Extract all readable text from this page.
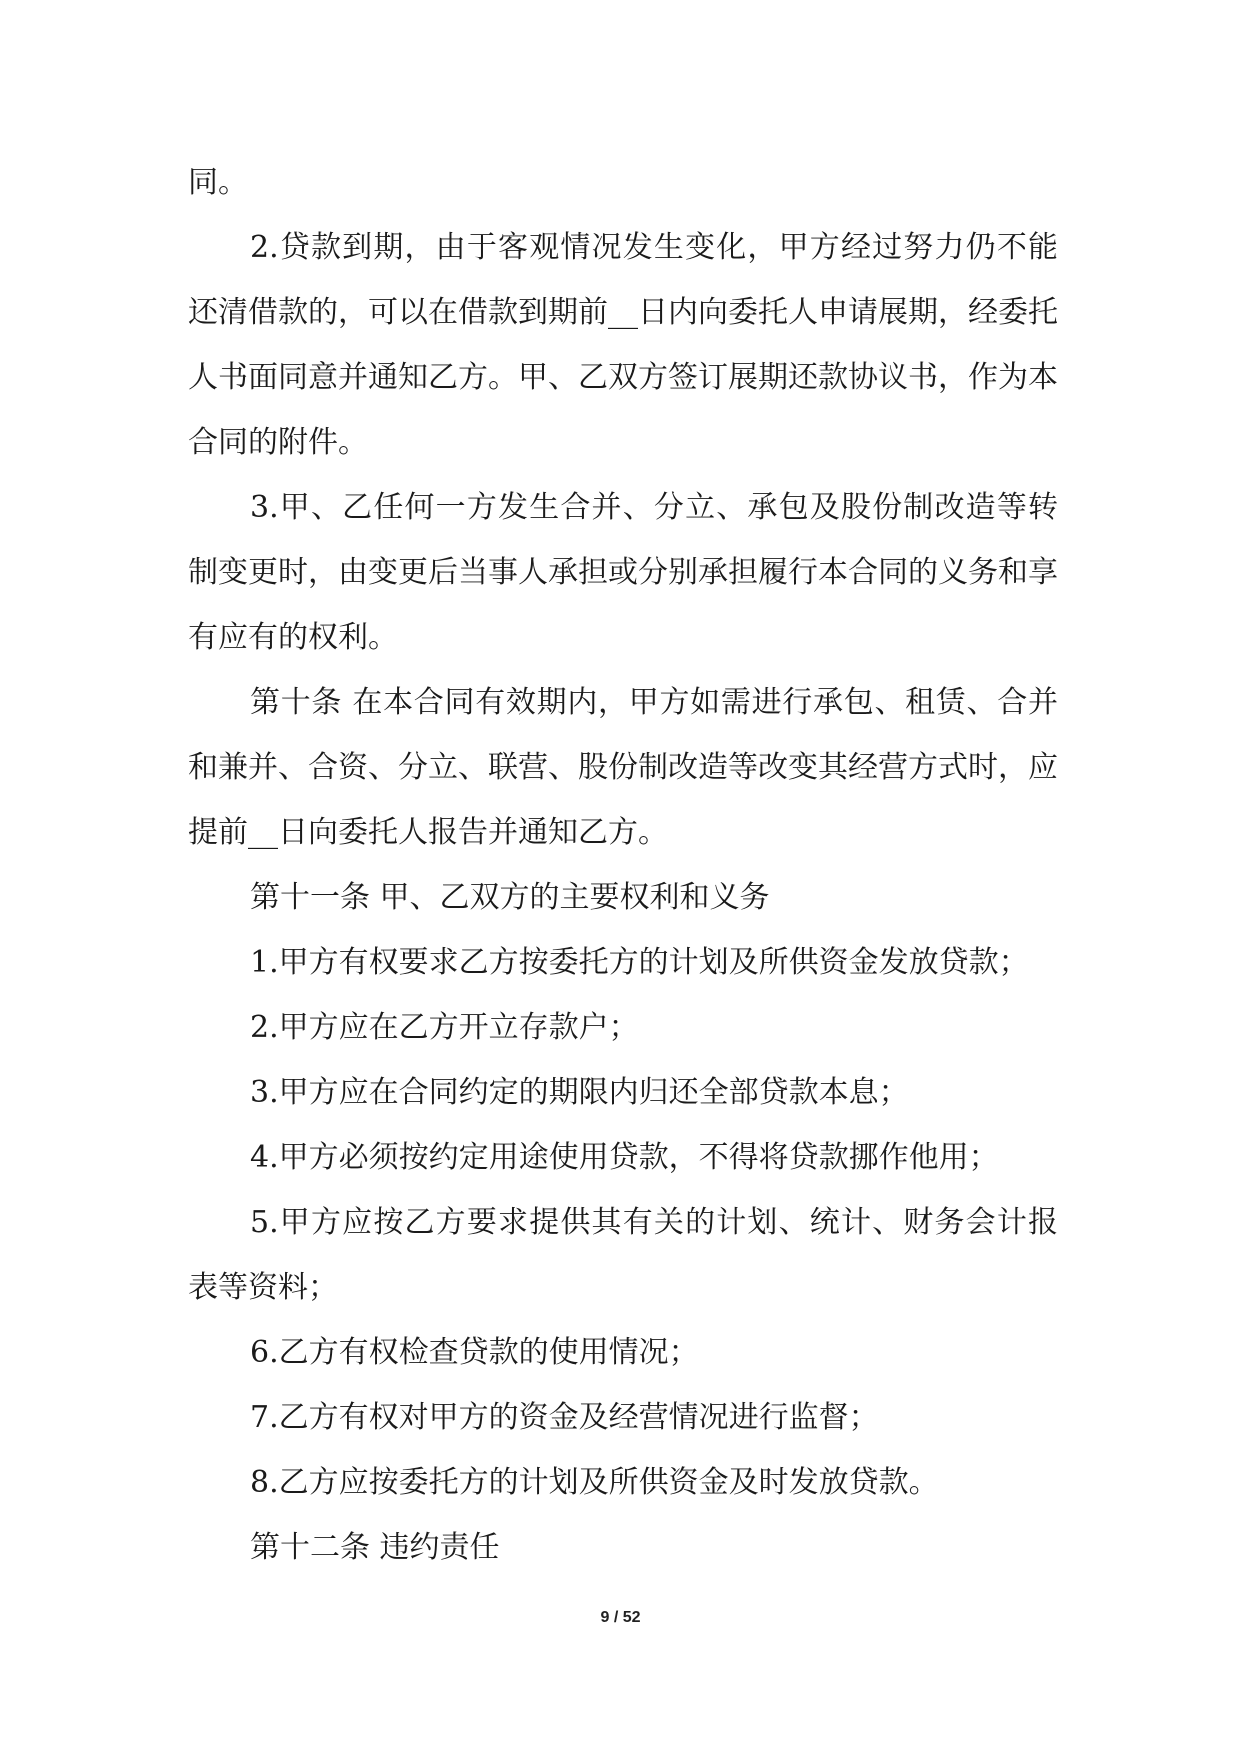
同。

2.贷款到期，由于客观情况发生变化，甲方经过努力仍不能还清借款的，可以在借款到期前__日内向委托人申请展期，经委托人书面同意并通知乙方。甲、乙双方签订展期还款协议书，作为本合同的附件。

3.甲、乙任何一方发生合并、分立、承包及股份制改造等转制变更时，由变更后当事人承担或分别承担履行本合同的义务和享有应有的权利。

第十条 在本合同有效期内，甲方如需进行承包、租赁、合并和兼并、合资、分立、联营、股份制改造等改变其经营方式时，应提前__日向委托人报告并通知乙方。

第十一条 甲、乙双方的主要权利和义务

1.甲方有权要求乙方按委托方的计划及所供资金发放贷款；

2.甲方应在乙方开立存款户；

3.甲方应在合同约定的期限内归还全部贷款本息；

4.甲方必须按约定用途使用贷款，不得将贷款挪作他用；

5.甲方应按乙方要求提供其有关的计划、统计、财务会计报表等资料；

6.乙方有权检查贷款的使用情况；

7.乙方有权对甲方的资金及经营情况进行监督；

8.乙方应按委托方的计划及所供资金及时发放贷款。

第十二条 违约责任

9 / 52
